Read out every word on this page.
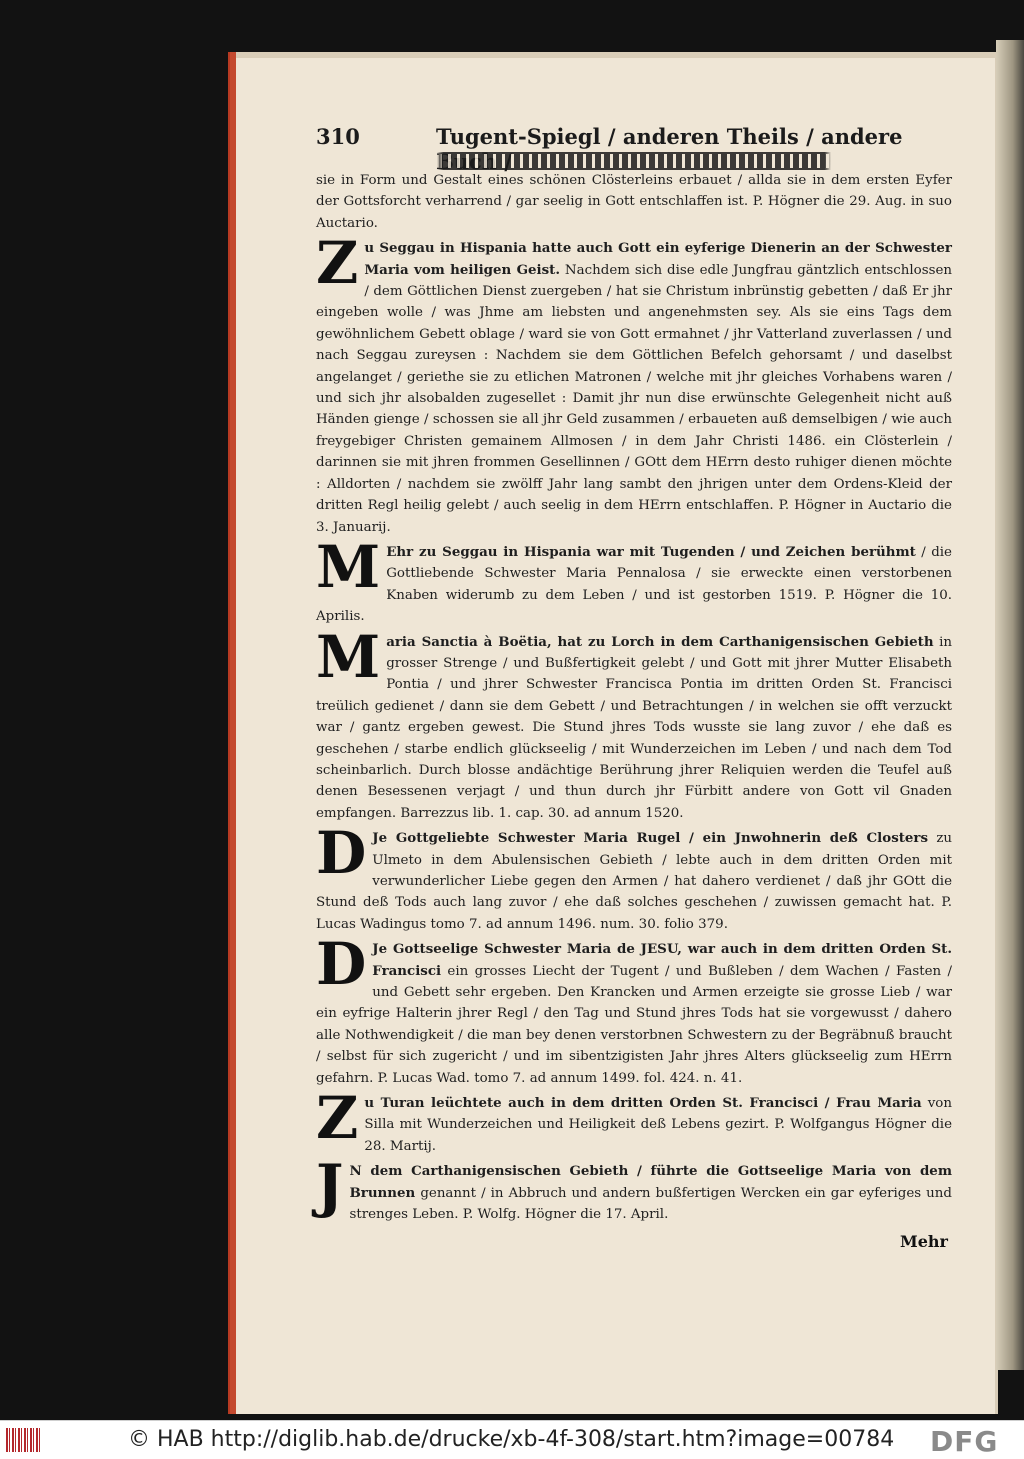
310	Tugent-Spiegl / anderen Theils / andere

sie in Form und Gestalt eines schönen Clösterleins erbauet / allda sie in dem ersten Eyfer der Gottsforcht verharrend / gar seelig in Gott entschlaffen ist. P. Högner die 29. Aug. in suo Auctario.

Z u Seggau in Hispania hatte auch Gott ein eyferige Dienerin an der Schwester Maria vom heiligen Geist. Nachdem sich dise edle Jungfrau gäntzlich entschlossen / dem Göttlichen Dienst zuergeben / hat sie Christum inbrünstig gebetten / daß Er jhr eingeben wolle / was Jhme am liebsten und angenehmsten sey. Als sie eins Tags dem gewöhnlichem Gebett oblage / ward sie von Gott ermahnet / jhr Vatterland zuverlassen / und nach Seggau zureysen : Nachdem sie dem Göttlichen Befelch gehorsamt / und daselbst angelanget / geriethe sie zu etlichen Matronen / welche mit jhr gleiches Vorhabens waren / und sich jhr alsobalden zugesellet : Damit jhr nun dise erwünschte Gelegenheit nicht auß Händen gienge / schossen sie all jhr Geld zusammen / erbaueten auß demselbigen / wie auch freygebiger Christen gemainem Allmosen / in dem Jahr Christi 1486. ein Clösterlein / darinnen sie mit jhren frommen Gesellinnen / GOtt dem HErrn desto ruhiger dienen möchte : Alldorten / nachdem sie zwölff Jahr lang sambt den jhrigen unter dem Ordens-Kleid der dritten Regl heilig gelebt / auch seelig in dem HErrn entschlaffen. P. Högner in Auctario die 3. Januarij.

M Ehr zu Seggau in Hispania war mit Tugenden / und Zeichen berühmt / die Gottliebende Schwester Maria Pennalosa / sie erweckte einen verstorbenen Knaben widerumb zu dem Leben / und ist gestorben 1519. P. Högner die 10. Aprilis.

M aria Sanctia à Boëtia, hat zu Lorch in dem Carthanigensischen Gebieth in grosser Strenge / und Bußfertigkeit gelebt / und Gott mit jhrer Mutter Elisabeth Pontia / und jhrer Schwester Francisca Pontia im dritten Orden St. Francisci treülich gedienet / dann sie dem Gebett / und Betrachtungen / in welchen sie offt verzuckt war / gantz ergeben gewest. Die Stund jhres Tods wusste sie lang zuvor / ehe daß es geschehen / starbe endlich glückseelig / mit Wunderzeichen im Leben / und nach dem Tod scheinbarlich. Durch blosse andächtige Berührung jhrer Reliquien werden die Teufel auß denen Besessenen verjagt / und thun durch jhr Fürbitt andere von Gott vil Gnaden empfangen. Barrezzus lib. 1. cap. 30. ad annum 1520.

D Je Gottgeliebte Schwester Maria Rugel / ein Jnwohnerin deß Closters zu Ulmeto in dem Abulensischen Gebieth / lebte auch in dem dritten Orden mit verwunderlicher Liebe gegen den Armen / hat dahero verdienet / daß jhr GOtt die Stund deß Tods auch lang zuvor / ehe daß solches geschehen / zuwissen gemacht hat. P. Lucas Wadingus tomo 7. ad annum 1496. num. 30. folio 379.

D Je Gottseelige Schwester Maria de JESU, war auch in dem dritten Orden St. Francisci ein grosses Liecht der Tugent / und Bußleben / dem Wachen / Fasten / und Gebett sehr ergeben. Den Krancken und Armen erzeigte sie grosse Lieb / war ein eyfrige Halterin jhrer Regl / den Tag und Stund jhres Tods hat sie vorgewusst / dahero alle Nothwendigkeit / die man bey denen verstorbnen Schwestern zu der Begräbnuß braucht / selbst für sich zugericht / und im sibentzigisten Jahr jhres Alters glückseelig zum HErrn gefahrn. P. Lucas Wad. tomo 7. ad annum 1499. fol. 424. n. 41.

Z u Turan leüchtete auch in dem dritten Orden St. Francisci / Frau Maria von Silla mit Wunderzeichen und Heiligkeit deß Lebens gezirt. P. Wolfgangus Högner die 28. Martij.

J N dem Carthanigensischen Gebieth / führte die Gottseelige Maria von dem Brunnen genannt / in Abbruch und andern bußfertigen Wercken ein gar eyferiges und strenges Leben. P. Wolfg. Högner die 17. April.

Mehr
© HAB http://diglib.hab.de/drucke/xb-4f-308/start.htm?image=00784 DFG
